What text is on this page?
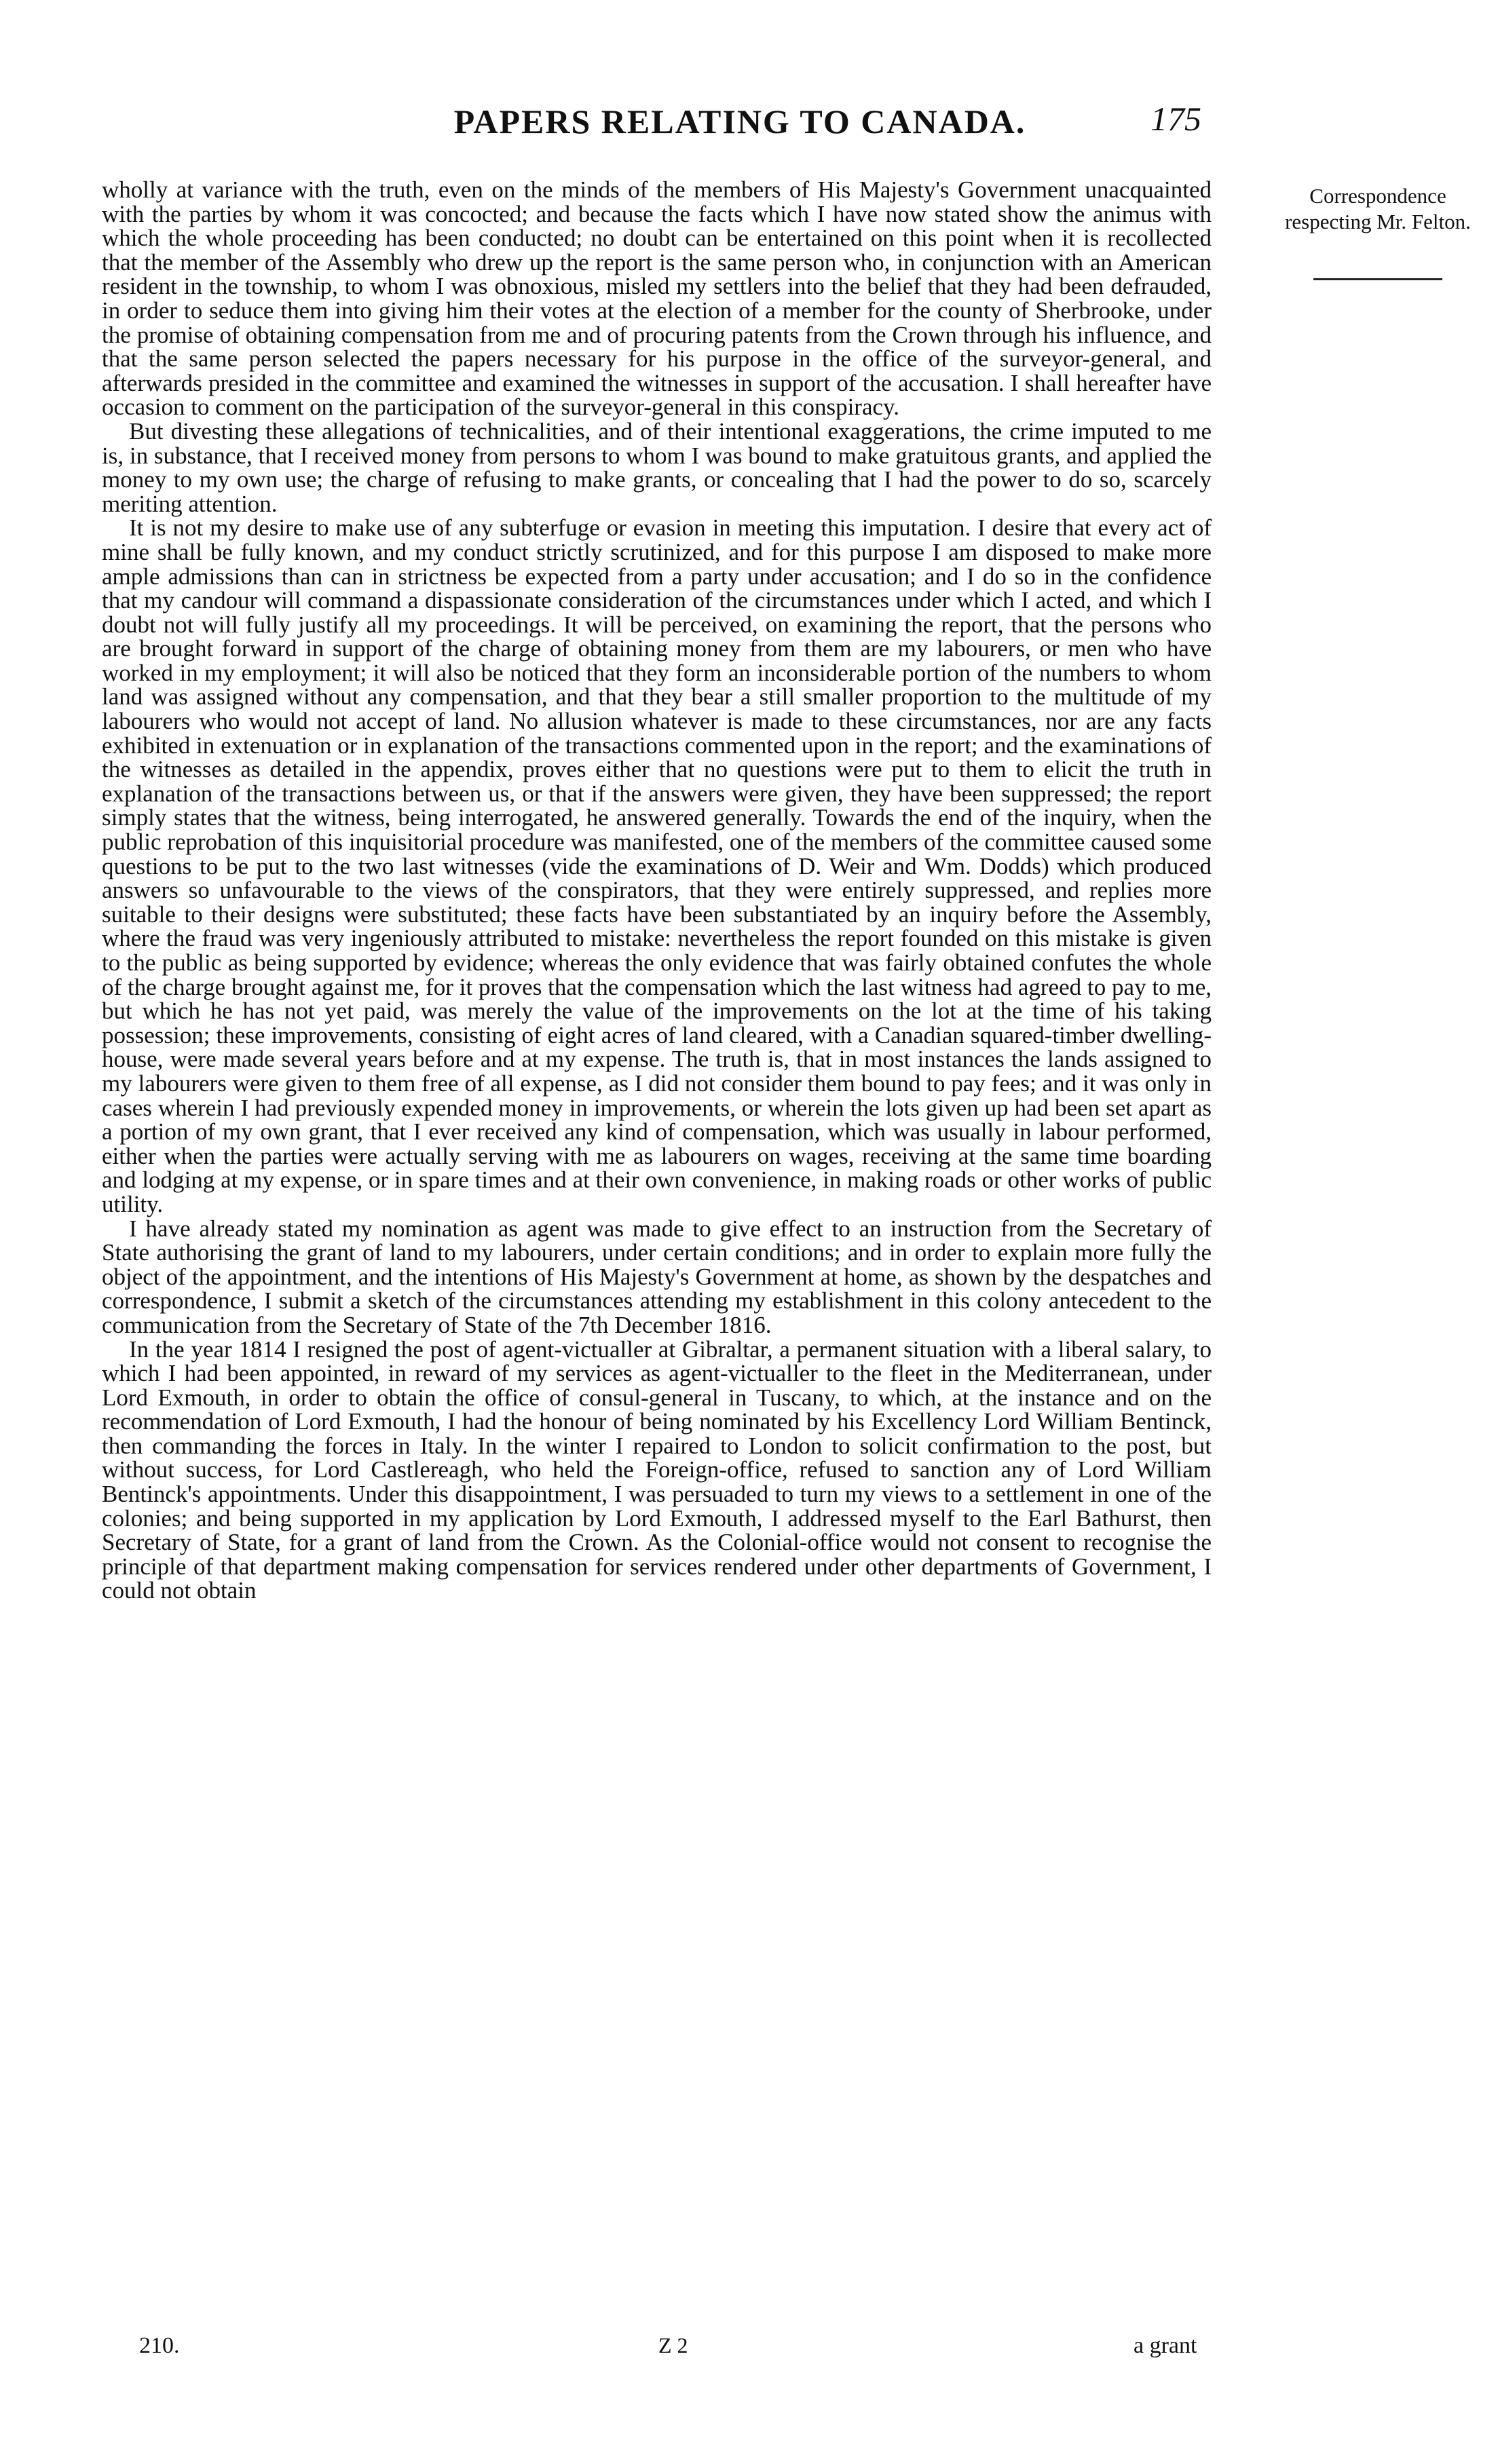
PAPERS RELATING TO CANADA.	175
Correspondence respecting Mr. Felton.

wholly at variance with the truth, even on the minds of the members of His Majesty's Government unacquainted with the parties by whom it was concocted; and because the facts which I have now stated show the animus with which the whole proceeding has been conducted; no doubt can be entertained on this point when it is recollected that the member of the Assembly who drew up the report is the same person who, in conjunction with an American resident in the township, to whom I was obnoxious, misled my settlers into the belief that they had been defrauded, in order to seduce them into giving him their votes at the election of a member for the county of Sherbrooke, under the promise of obtaining compensation from me and of procuring patents from the Crown through his influence, and that the same person selected the papers necessary for his purpose in the office of the surveyor-general, and afterwards presided in the committee and examined the witnesses in support of the accusation. I shall hereafter have occasion to comment on the participation of the surveyor-general in this conspiracy.

But divesting these allegations of technicalities, and of their intentional exaggerations, the crime imputed to me is, in substance, that I received money from persons to whom I was bound to make gratuitous grants, and applied the money to my own use; the charge of refusing to make grants, or concealing that I had the power to do so, scarcely meriting attention.

It is not my desire to make use of any subterfuge or evasion in meeting this imputation. I desire that every act of mine shall be fully known, and my conduct strictly scrutinized, and for this purpose I am disposed to make more ample admissions than can in strictness be expected from a party under accusation; and I do so in the confidence that my candour will command a dispassionate consideration of the circumstances under which I acted, and which I doubt not will fully justify all my proceedings. It will be perceived, on examining the report, that the persons who are brought forward in support of the charge of obtaining money from them are my labourers, or men who have worked in my employment; it will also be noticed that they form an inconsiderable portion of the numbers to whom land was assigned without any compensation, and that they bear a still smaller proportion to the multitude of my labourers who would not accept of land. No allusion whatever is made to these circumstances, nor are any facts exhibited in extenuation or in explanation of the transactions commented upon in the report; and the examinations of the witnesses as detailed in the appendix, proves either that no questions were put to them to elicit the truth in explanation of the transactions between us, or that if the answers were given, they have been suppressed; the report simply states that the witness, being interrogated, he answered generally. Towards the end of the inquiry, when the public reprobation of this inquisitorial procedure was manifested, one of the members of the committee caused some questions to be put to the two last witnesses (vide the examinations of D. Weir and Wm. Dodds) which produced answers so unfavourable to the views of the conspirators, that they were entirely suppressed, and replies more suitable to their designs were substituted; these facts have been substantiated by an inquiry before the Assembly, where the fraud was very ingeniously attributed to mistake: nevertheless the report founded on this mistake is given to the public as being supported by evidence; whereas the only evidence that was fairly obtained confutes the whole of the charge brought against me, for it proves that the compensation which the last witness had agreed to pay to me, but which he has not yet paid, was merely the value of the improvements on the lot at the time of his taking possession; these improvements, consisting of eight acres of land cleared, with a Canadian squared-timber dwelling-house, were made several years before and at my expense. The truth is, that in most instances the lands assigned to my labourers were given to them free of all expense, as I did not consider them bound to pay fees; and it was only in cases wherein I had previously expended money in improvements, or wherein the lots given up had been set apart as a portion of my own grant, that I ever received any kind of compensation, which was usually in labour performed, either when the parties were actually serving with me as labourers on wages, receiving at the same time boarding and lodging at my expense, or in spare times and at their own convenience, in making roads or other works of public utility.

I have already stated my nomination as agent was made to give effect to an instruction from the Secretary of State authorising the grant of land to my labourers, under certain conditions; and in order to explain more fully the object of the appointment, and the intentions of His Majesty's Government at home, as shown by the despatches and correspondence, I submit a sketch of the circumstances attending my establishment in this colony antecedent to the communication from the Secretary of State of the 7th December 1816.

In the year 1814 I resigned the post of agent-victualler at Gibraltar, a permanent situation with a liberal salary, to which I had been appointed, in reward of my services as agent-victualler to the fleet in the Mediterranean, under Lord Exmouth, in order to obtain the office of consul-general in Tuscany, to which, at the instance and on the recommendation of Lord Exmouth, I had the honour of being nominated by his Excellency Lord William Bentinck, then commanding the forces in Italy. In the winter I repaired to London to solicit confirmation to the post, but without success, for Lord Castlereagh, who held the Foreign-office, refused to sanction any of Lord William Bentinck's appointments. Under this disappointment, I was persuaded to turn my views to a settlement in one of the colonies; and being supported in my application by Lord Exmouth, I addressed myself to the Earl Bathurst, then Secretary of State, for a grant of land from the Crown. As the Colonial-office would not consent to recognise the principle of that department making compensation for services rendered under other departments of Government, I could not obtain

210.	Z 2	a grant
